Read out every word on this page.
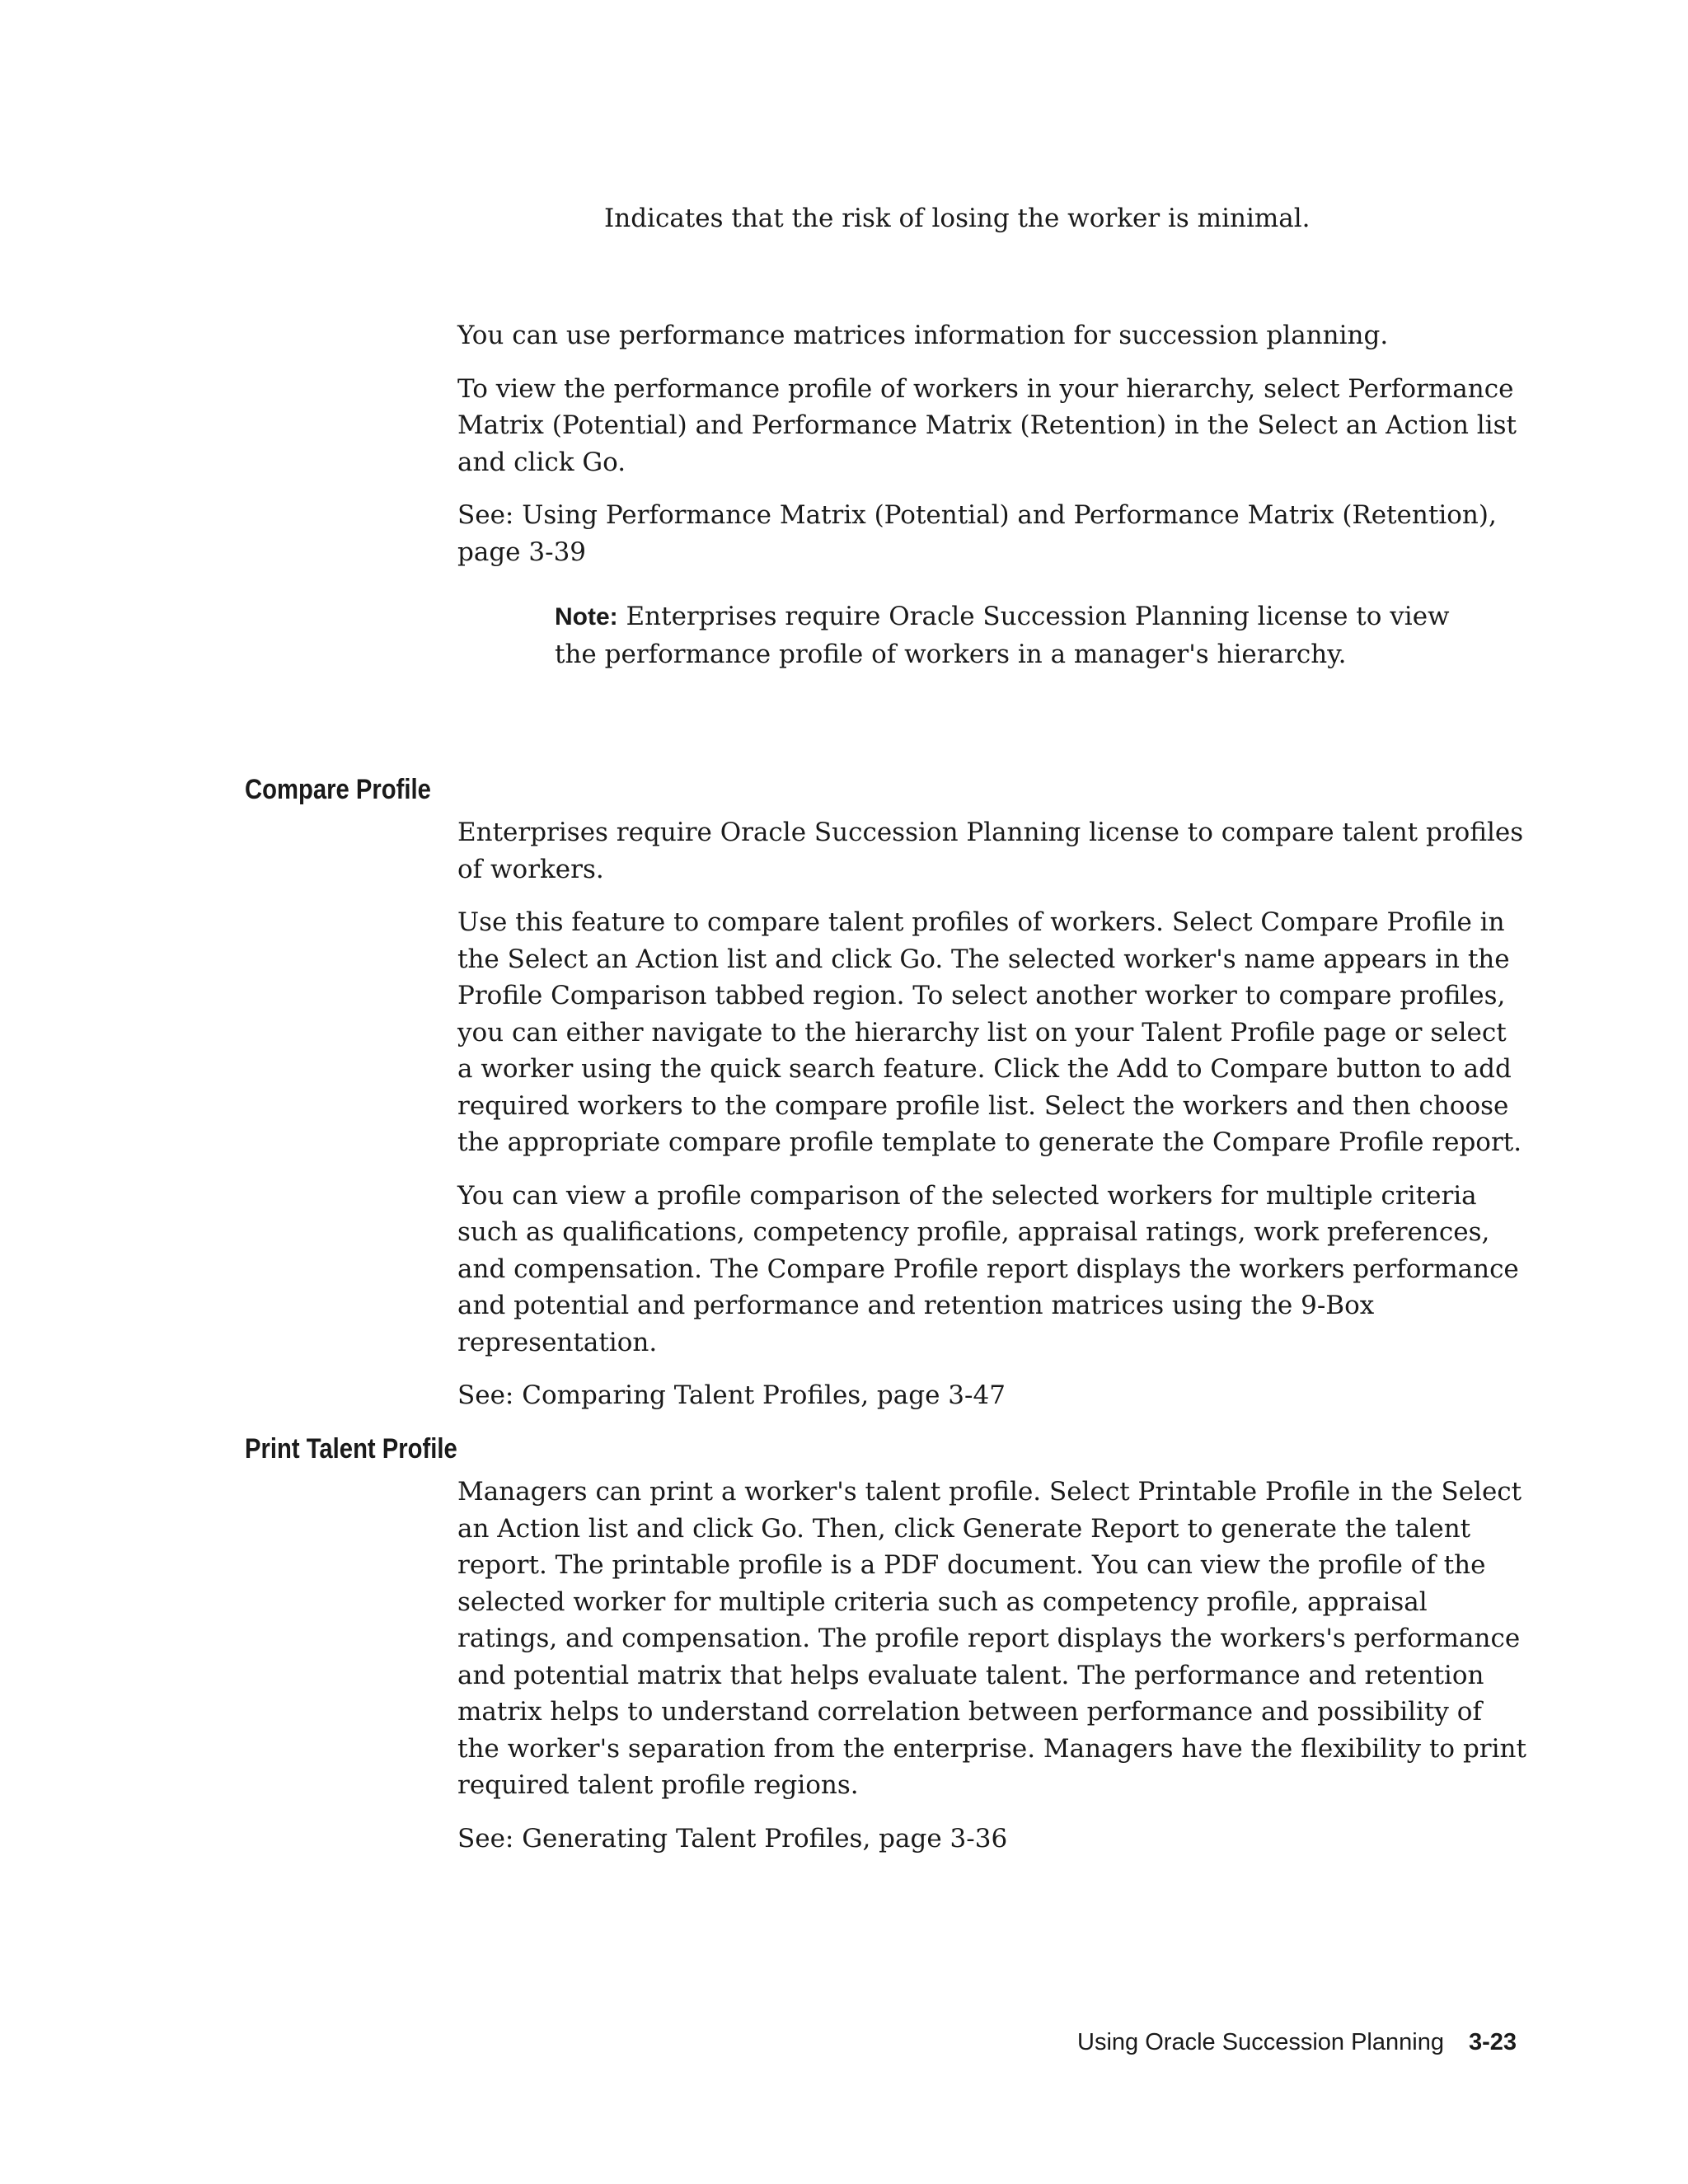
Indicates that the risk of losing the worker is minimal.

You can use performance matrices information for succession planning.

To view the performance profile of workers in your hierarchy, select Performance Matrix (Potential) and Performance Matrix (Retention) in the Select an Action list and click Go.

See: Using Performance Matrix (Potential) and Performance Matrix (Retention), page 3-39

Note: Enterprises require Oracle Succession Planning license to view the performance profile of workers in a manager's hierarchy.

Compare Profile

Enterprises require Oracle Succession Planning license to compare talent profiles of workers.

Use this feature to compare talent profiles of workers. Select Compare Profile in the Select an Action list and click Go. The selected worker's name appears in the Profile Comparison tabbed region. To select another worker to compare profiles, you can either navigate to the hierarchy list on your Talent Profile page or select a worker using the quick search feature. Click the Add to Compare button to add required workers to the compare profile list. Select the workers and then choose the appropriate compare profile template to generate the Compare Profile report.

You can view a profile comparison of the selected workers for multiple criteria such as qualifications, competency profile, appraisal ratings, work preferences, and compensation. The Compare Profile report displays the workers performance and potential and performance and retention matrices using the 9-Box representation.

See: Comparing Talent Profiles, page 3-47

Print Talent Profile

Managers can print a worker's talent profile. Select Printable Profile in the Select an Action list and click Go. Then, click Generate Report to generate the talent report. The printable profile is a PDF document. You can view the profile of the selected worker for multiple criteria such as competency profile, appraisal ratings, and compensation. The profile report displays the workers's performance and potential matrix that helps evaluate talent. The performance and retention matrix helps to understand correlation between performance and possibility of the worker's separation from the enterprise. Managers have the flexibility to print required talent profile regions.

See: Generating Talent Profiles, page 3-36

Using Oracle Succession Planning 3-23
